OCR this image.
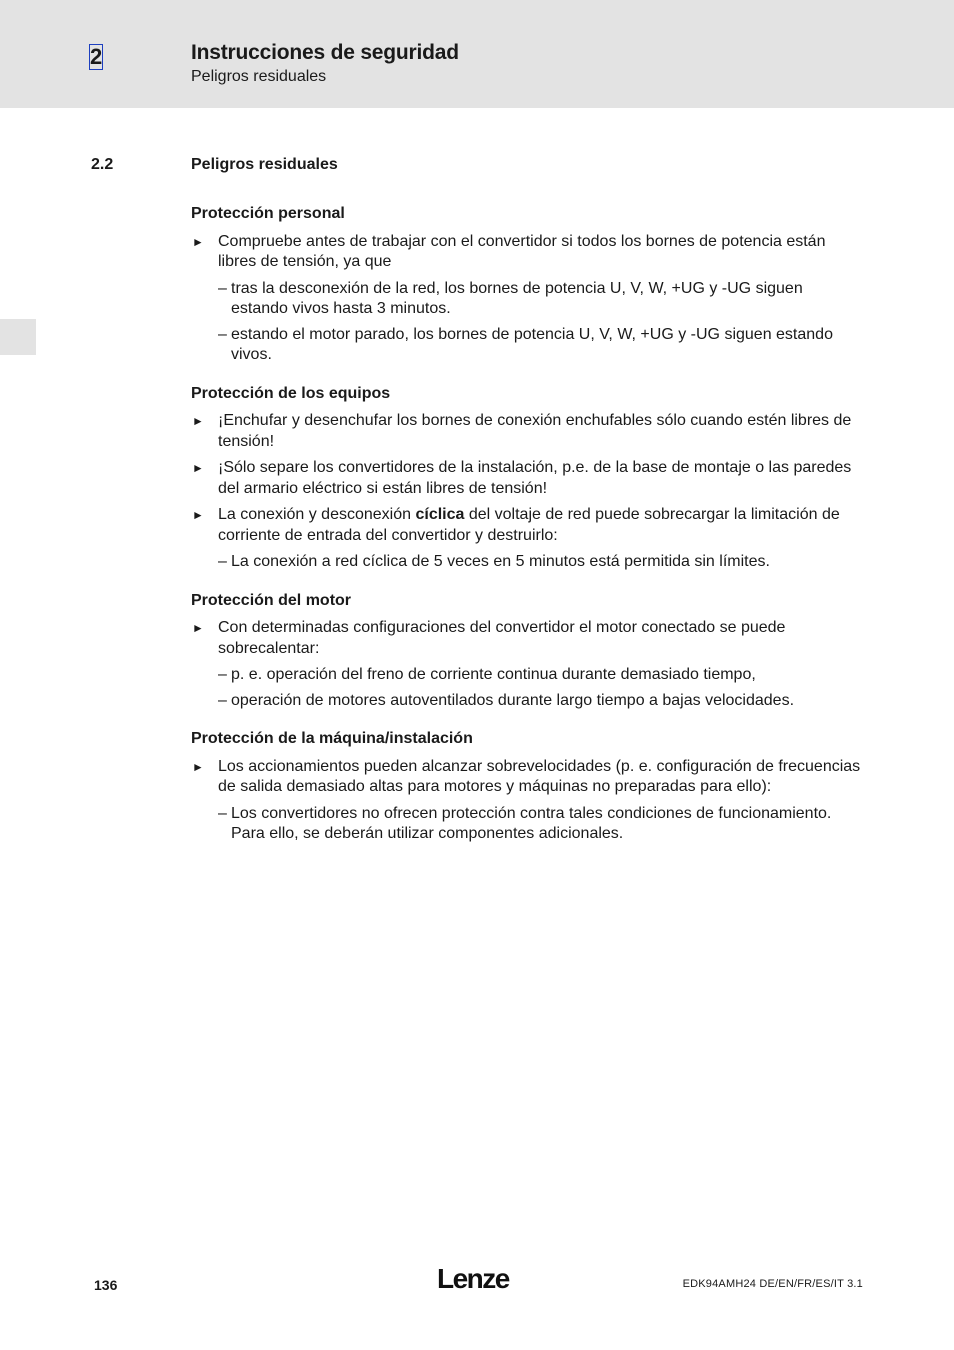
2	Instrucciones de seguridad
Peligros residuales
2.2	Peligros residuales
Protección personal
► Compruebe antes de trabajar con el convertidor si todos los bornes de potencia están libres de tensión, ya que
– tras la desconexión de la red, los bornes de potencia U, V, W, +UG y -UG siguen estando vivos hasta 3 minutos.
– estando el motor parado, los bornes de potencia U, V, W, +UG y -UG siguen estando vivos.
Protección de los equipos
► ¡Enchufar y desenchufar los bornes de conexión enchufables sólo cuando estén libres de tensión!
► ¡Sólo separe los convertidores de la instalación, p.e. de la base de montaje o las paredes del armario eléctrico si están libres de tensión!
► La conexión y desconexión cíclica del voltaje de red puede sobrecargar la limitación de corriente de entrada del convertidor y destruirlo:
– La conexión a red cíclica de 5 veces en 5 minutos está permitida sin límites.
Protección del motor
► Con determinadas configuraciones del convertidor el motor conectado se puede sobrecalentar:
– p. e. operación del freno de corriente continua durante demasiado tiempo,
– operación de motores autoventilados durante largo tiempo a bajas velocidades.
Protección de la máquina/instalación
► Los accionamientos pueden alcanzar sobrevelocidades (p. e. configuración de frecuencias de salida demasiado altas para motores y máquinas no preparadas para ello):
– Los convertidores no ofrecen protección contra tales condiciones de funcionamiento. Para ello, se deberán utilizar componentes adicionales.
136	Lenze	EDK94AMH24 DE/EN/FR/ES/IT 3.1
